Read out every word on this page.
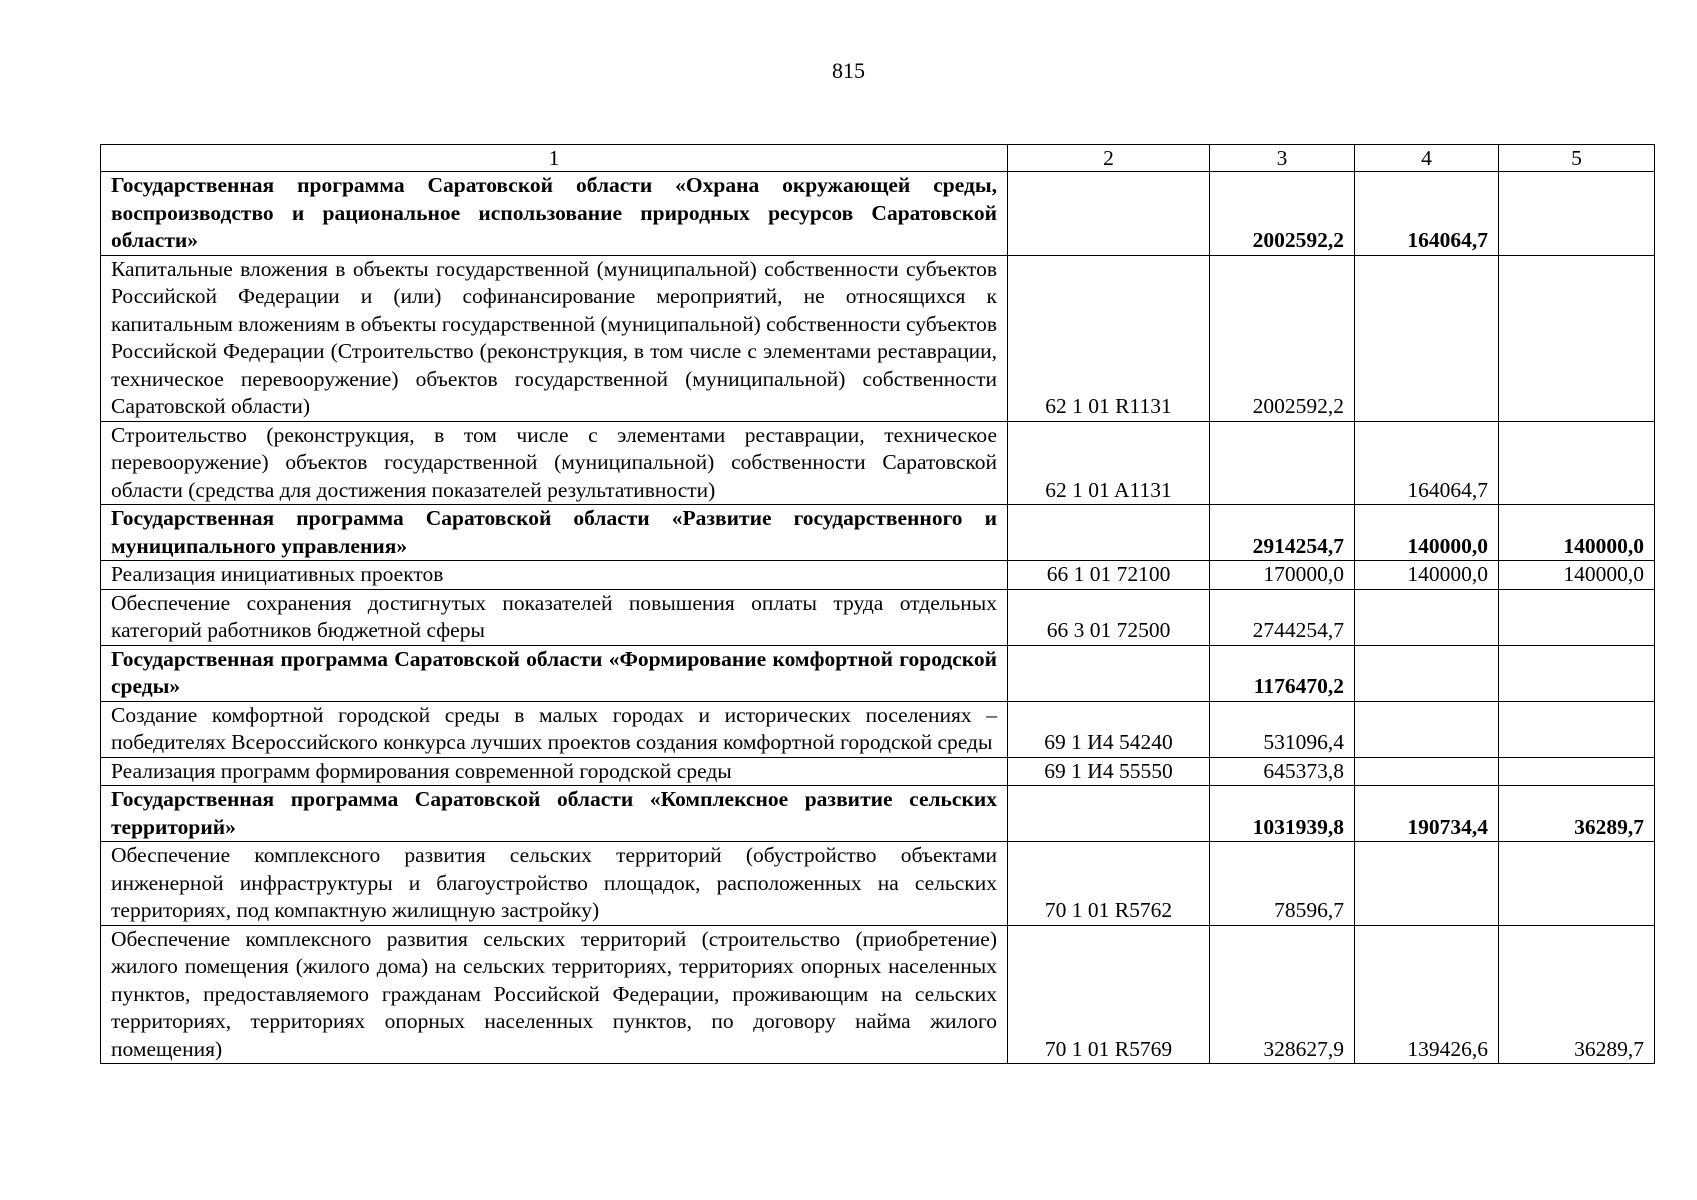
815
1	2	3	4	5
Государственная программа Саратовской области «Охрана окружающей среды, воспроизводство и рациональное использование природных ресурсов Саратовской области»		2002592,2	164064,7	
Капитальные вложения в объекты государственной (муниципальной) собственности субъектов Российской Федерации и (или) софинансирование мероприятий, не относящихся к капитальным вложениям в объекты государственной (муниципальной) собственности субъектов Российской Федерации (Строительство (реконструкция, в том числе с элементами реставрации, техническое перевооружение) объектов государственной (муниципальной) собственности Саратовской области)	62 1 01 R1131	2002592,2		
Строительство (реконструкция, в том числе с элементами реставрации, техническое перевооружение) объектов государственной (муниципальной) собственности Саратовской области (средства для достижения показателей результативности)	62 1 01 A1131		164064,7	
Государственная программа Саратовской области «Развитие государственного и муниципального управления»		2914254,7	140000,0	140000,0
Реализация инициативных проектов	66 1 01 72100	170000,0	140000,0	140000,0
Обеспечение сохранения достигнутых показателей повышения оплаты труда отдельных категорий работников бюджетной сферы	66 3 01 72500	2744254,7		
Государственная программа Саратовской области «Формирование комфортной городской среды»		1176470,2		
Создание комфортной городской среды в малых городах и исторических поселениях – победителях Всероссийского конкурса лучших проектов создания комфортной городской среды	69 1 И4 54240	531096,4		
Реализация программ формирования современной городской среды	69 1 И4 55550	645373,8		
Государственная программа Саратовской области «Комплексное развитие сельских территорий»		1031939,8	190734,4	36289,7
Обеспечение комплексного развития сельских территорий (обустройство объектами инженерной инфраструктуры и благоустройство площадок, расположенных на сельских территориях, под компактную жилищную застройку)	70 1 01 R5762	78596,7		
Обеспечение комплексного развития сельских территорий (строительство (приобретение) жилого помещения (жилого дома) на сельских территориях, территориях опорных населенных пунктов, предоставляемого гражданам Российской Федерации, проживающим на сельских территориях, территориях опорных населенных пунктов, по договору найма жилого помещения)	70 1 01 R5769	328627,9	139426,6	36289,7
